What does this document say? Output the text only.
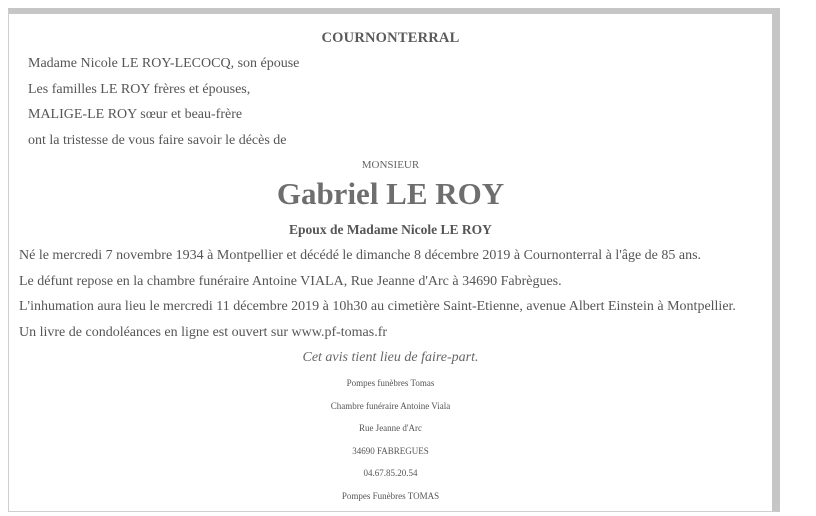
COURNONTERRAL
Madame Nicole LE ROY-LECOCQ, son épouse
Les familles LE ROY frères et épouses,
MALIGE-LE ROY sœur et beau-frère
ont la tristesse de vous faire savoir le décès de
MONSIEUR
Gabriel LE ROY
Epoux de Madame Nicole LE ROY
Né le mercredi 7 novembre 1934 à Montpellier et décédé le dimanche 8 décembre 2019 à Cournonterral à l'âge de 85 ans.
Le défunt repose en la chambre funéraire Antoine VIALA, Rue Jeanne d'Arc à 34690 Fabrègues.
L'inhumation aura lieu le mercredi 11 décembre 2019 à 10h30 au cimetière Saint-Etienne, avenue Albert Einstein à Montpellier.
Un livre de condoléances en ligne est ouvert sur www.pf-tomas.fr
Cet avis tient lieu de faire-part.
Pompes funèbres Tomas
Chambre funéraire Antoine Viala
Rue Jeanne d'Arc
34690 FABREGUES
04.67.85.20.54
Pompes Funèbres TOMAS
